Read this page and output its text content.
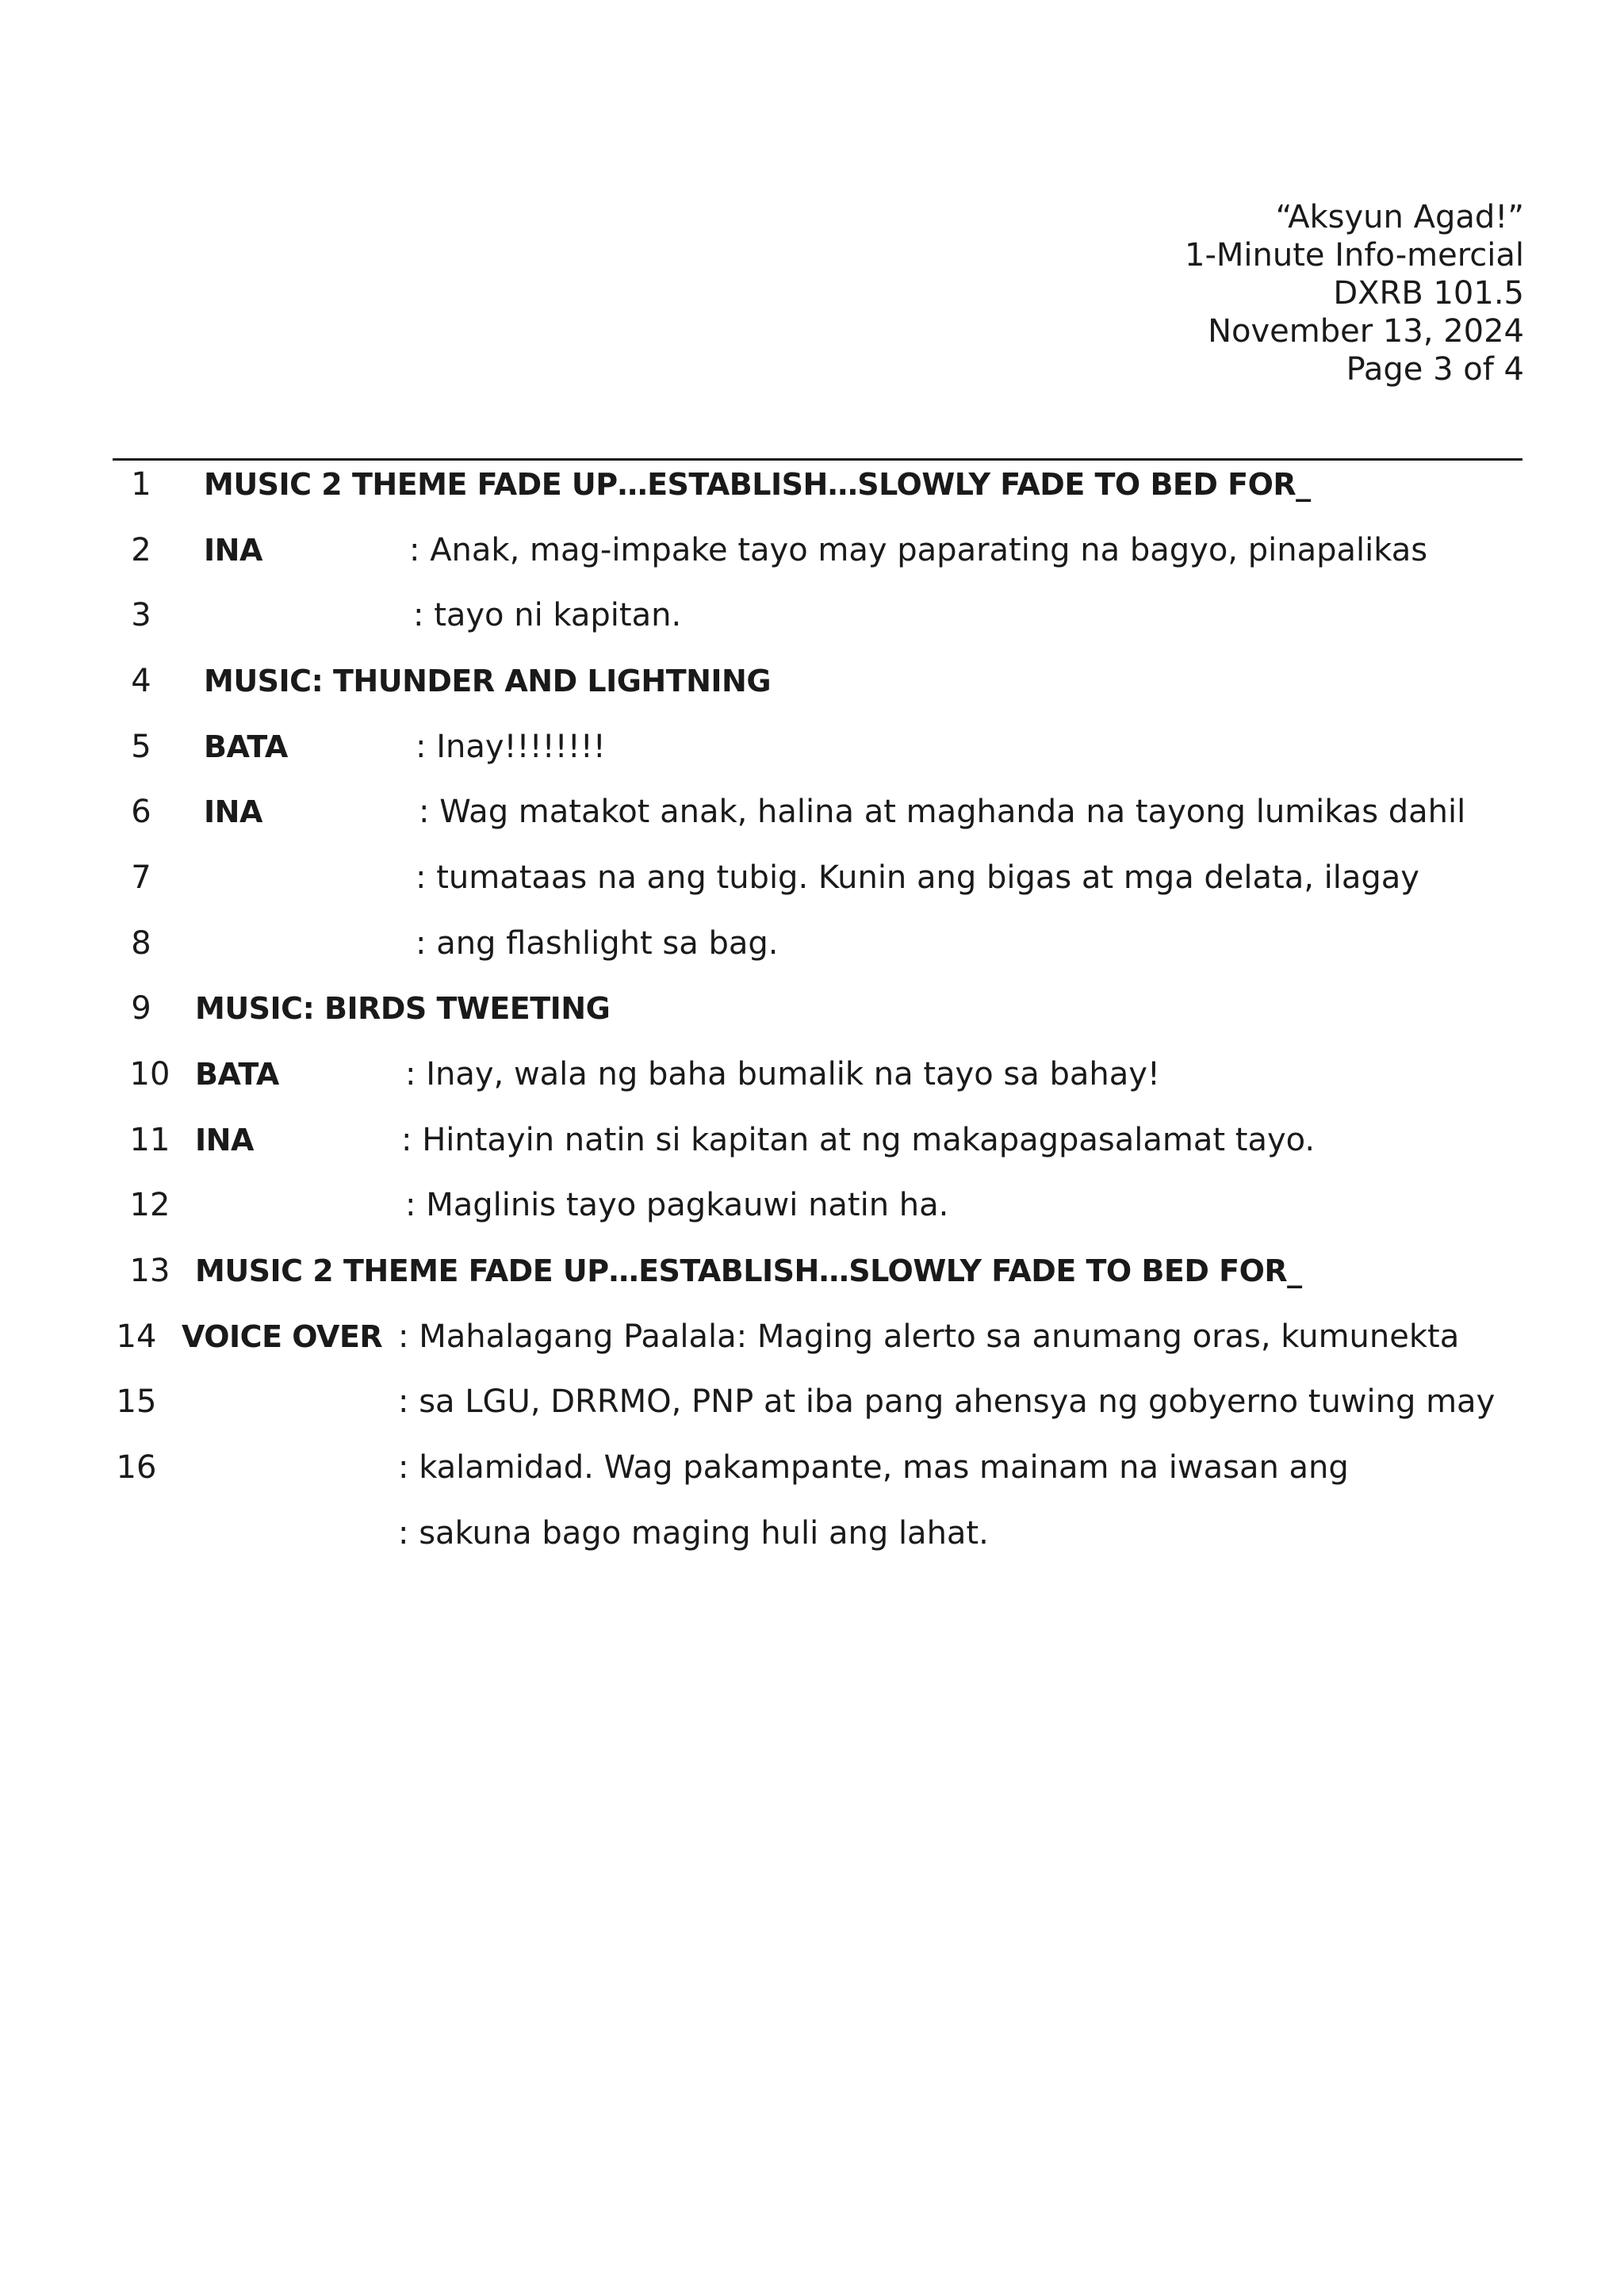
“Aksyun Agad!”
1-Minute Info-mercial
DXRB 101.5
November 13, 2024
Page 3 of 4
1	MUSIC 2 THEME FADE UP…ESTABLISH…SLOWLY FADE TO BED FOR_
2	INA	: Anak, mag-impake tayo may paparating na bagyo, pinapalikas
3	: tayo ni kapitan.
4	MUSIC: THUNDER AND LIGHTNING
5	BATA	: Inay!!!!!!!!
6	INA	: Wag matakot anak, halina at maghanda na tayong lumikas dahil
7	: tumataas na ang tubig. Kunin ang bigas at mga delata, ilagay
8	: ang flashlight sa bag.
9	MUSIC: BIRDS TWEETING
10 BATA	: Inay, wala ng baha bumalik na tayo sa bahay!
11 INA	: Hintayin natin si kapitan at ng makapagpasalamat tayo.
12	: Maglinis tayo pagkauwi natin ha.
13 MUSIC 2 THEME FADE UP…ESTABLISH…SLOWLY FADE TO BED FOR_
14 VOICE OVER : Mahalagang Paalala: Maging alerto sa anumang oras, kumunekta
15	: sa LGU, DRRMO, PNP at iba pang ahensya ng gobyerno tuwing may
16	: kalamidad. Wag pakampante, mas mainam na iwasan ang
: sakuna bago maging huli ang lahat.
